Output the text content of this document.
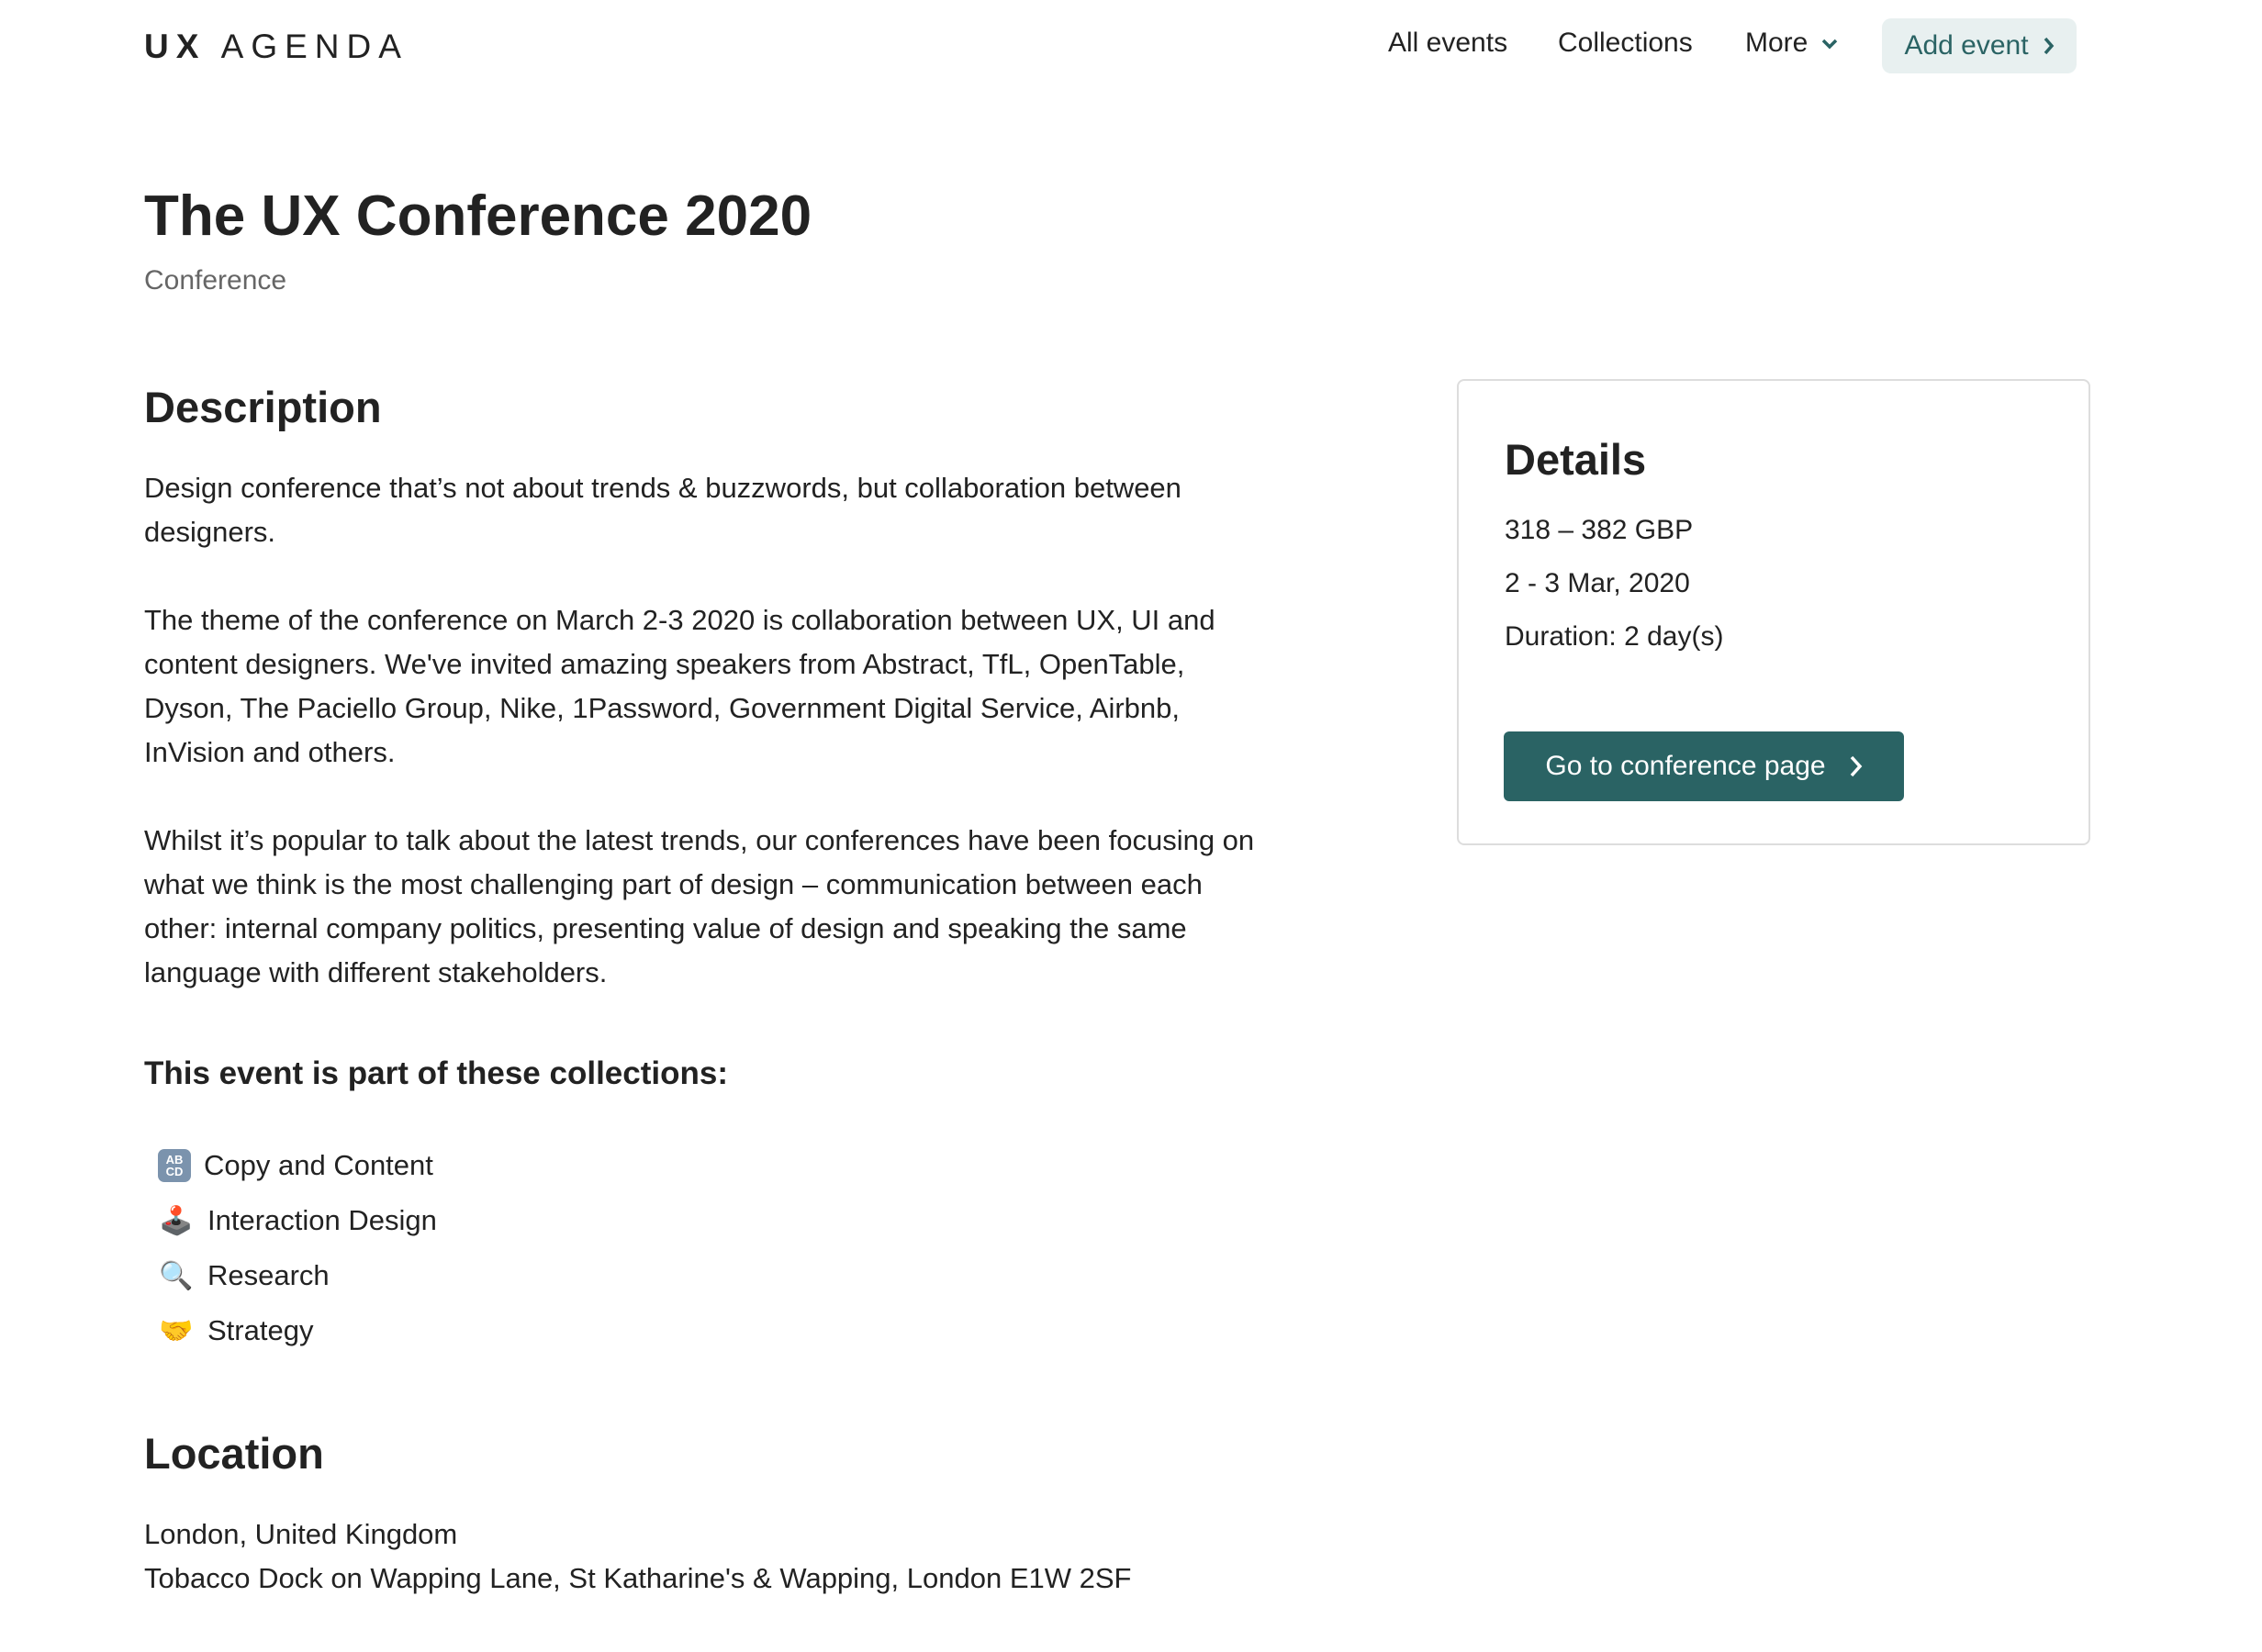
UX AGENDA	All events Collections More	Add event
The UX Conference 2020
Conference
Description

Design conference that’s not about trends & buzzwords, but collaboration between designers.

The theme of the conference on March 2-3 2020 is collaboration between UX, UI and content designers. We've invited amazing speakers from Abstract, TfL, OpenTable, Dyson, The Paciello Group, Nike, 1Password, Government Digital Service, Airbnb, InVision and others.

Whilst it’s popular to talk about the latest trends, our conferences have been focusing on what we think is the most challenging part of design – communication between each other: internal company politics, presenting value of design and speaking the same language with different stakeholders.

Details
318 – 382 GBP
2 - 3 Mar, 2020
Duration: 2 day(s)
Go to conference page
This event is part of these collections:
AB
CD Copy and Content
🕹️ Interaction Design
🔍 Research
🤝 Strategy
Location
London, United Kingdom
Tobacco Dock on Wapping Lane, St Katharine's & Wapping, London E1W 2SF
